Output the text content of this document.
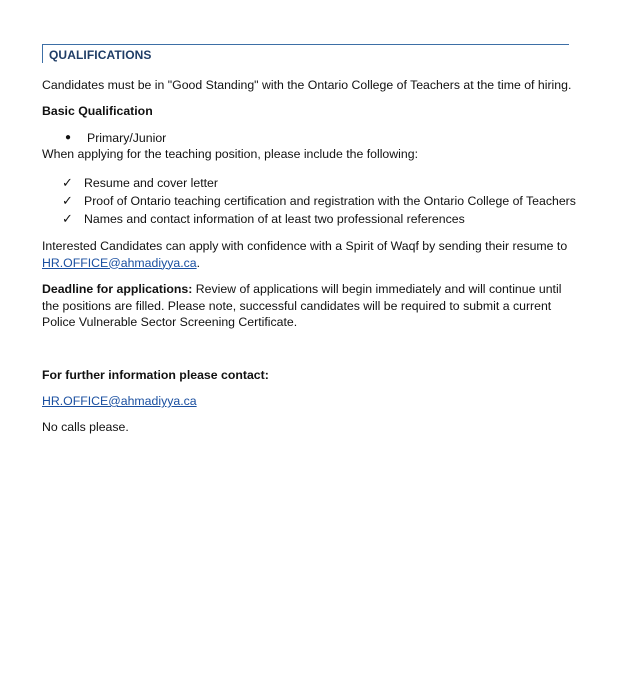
QUALIFICATIONS
Candidates must be in "Good Standing" with the Ontario College of Teachers at the time of hiring.
Basic Qualification
● Primary/Junior
When applying for the teaching position, please include the following:
✓ Resume and cover letter
✓ Proof of Ontario teaching certification and registration with the Ontario College of Teachers
✓ Names and contact information of at least two professional references
Interested Candidates can apply with confidence with a Spirit of Waqf by sending their resume to
HR.OFFICE@ahmadiyya.ca.
Deadline for applications: Review of applications will begin immediately and will continue until the positions are filled. Please note, successful candidates will be required to submit a current Police Vulnerable Sector Screening Certificate.
For further information please contact:
HR.OFFICE@ahmadiyya.ca
No calls please.
